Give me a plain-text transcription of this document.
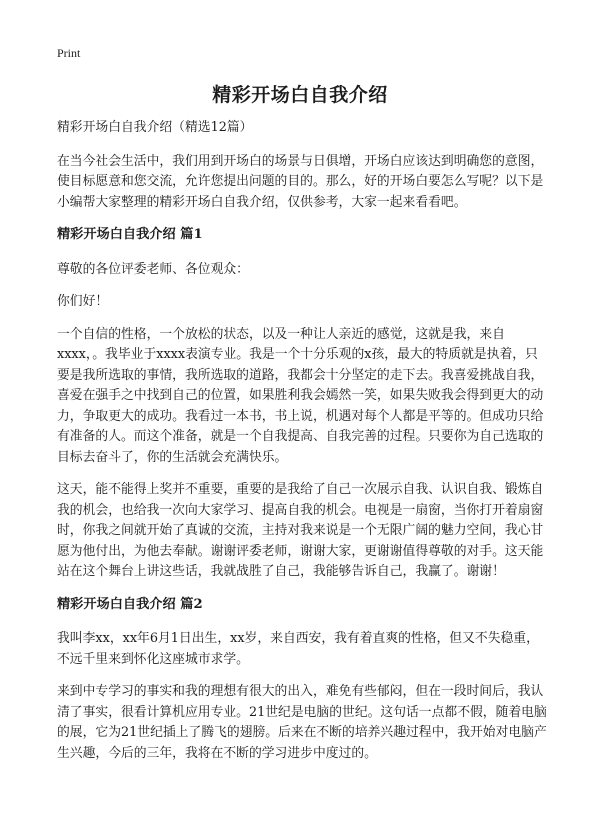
Print
精彩开场白自我介绍

精彩开场白自我介绍（精选12篇）

在当今社会生活中，我们用到开场白的场景与日俱增，开场白应该达到明确您的意图，使目标愿意和您交流，允许您提出问题的目的。那么，好的开场白要怎么写呢？以下是小编帮大家整理的精彩开场白自我介绍，仅供参考，大家一起来看看吧。

精彩开场白自我介绍 篇1

尊敬的各位评委老师、各位观众：

你们好！

一个自信的性格，一个放松的状态，以及一种让人亲近的感觉，这就是我，来自xxxx，。我毕业于xxxx表演专业。我是一个十分乐观的x孩，最大的特质就是执着，只要是我所选取的事情，我所选取的道路，我都会十分坚定的走下去。我喜爱挑战自我，喜爱在强手之中找到自己的位置，如果胜利我会嫣然一笑，如果失败我会得到更大的动力，争取更大的成功。我看过一本书，书上说，机遇对每个人都是平等的。但成功只给有准备的人。而这个准备，就是一个自我提高、自我完善的过程。只要你为自己选取的目标去奋斗了，你的生活就会充满快乐。

这天，能不能得上奖并不重要，重要的是我给了自己一次展示自我、认识自我、锻炼自我的机会，也给我一次向大家学习、提高自我的机会。电视是一扇窗，当你打开着扇窗时，你我之间就开始了真诚的交流，主持对我来说是一个无限广阔的魅力空间，我心甘愿为他付出，为他去奉献。谢谢评委老师，谢谢大家，更谢谢值得尊敬的对手。这天能站在这个舞台上讲这些话，我就战胜了自己，我能够告诉自己，我赢了。谢谢！

精彩开场白自我介绍 篇2

我叫李xx，xx年6月1日出生，xx岁，来自西安，我有着直爽的性格，但又不失稳重，不远千里来到怀化这座城市求学。

来到中专学习的事实和我的理想有很大的出入，难免有些郁闷，但在一段时间后，我认清了事实，很看计算机应用专业。21世纪是电脑的世纪。这句话一点都不假，随着电脑的展，它为21世纪插上了腾飞的翅膀。后来在不断的培养兴趣过程中，我开始对电脑产生兴趣，今后的三年，我将在不断的学习进步中度过的。
